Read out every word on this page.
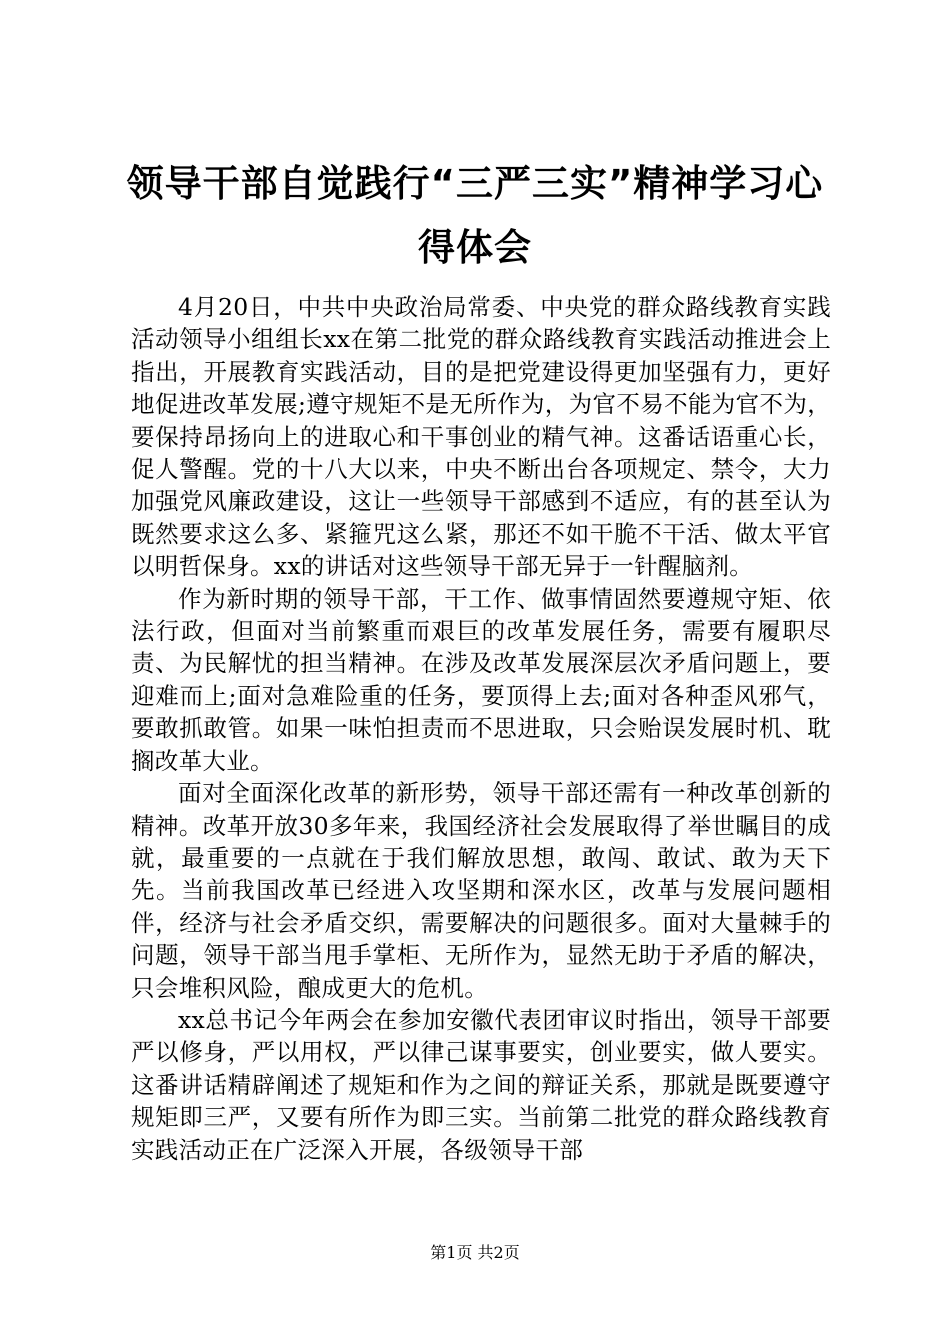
领导干部自觉践行“三严三实”精神学习心得体会

4月20日，中共中央政治局常委、中央党的群众路线教育实践活动领导小组组长xx在第二批党的群众路线教育实践活动推进会上指出，开展教育实践活动，目的是把党建设得更加坚强有力，更好地促进改革发展;遵守规矩不是无所作为，为官不易不能为官不为，要保持昂扬向上的进取心和干事创业的精气神。这番话语重心长，促人警醒。党的十八大以来，中央不断出台各项规定、禁令，大力加强党风廉政建设，这让一些领导干部感到不适应，有的甚至认为既然要求这么多、紧箍咒这么紧，那还不如干脆不干活、做太平官以明哲保身。xx的讲话对这些领导干部无异于一针醒脑剂。

作为新时期的领导干部，干工作、做事情固然要遵规守矩、依法行政，但面对当前繁重而艰巨的改革发展任务，需要有履职尽责、为民解忧的担当精神。在涉及改革发展深层次矛盾问题上，要迎难而上;面对急难险重的任务，要顶得上去;面对各种歪风邪气，要敢抓敢管。如果一味怕担责而不思进取，只会贻误发展时机、耽搁改革大业。

面对全面深化改革的新形势，领导干部还需有一种改革创新的精神。改革开放30多年来，我国经济社会发展取得了举世瞩目的成就，最重要的一点就在于我们解放思想，敢闯、敢试、敢为天下先。当前我国改革已经进入攻坚期和深水区，改革与发展问题相伴，经济与社会矛盾交织，需要解决的问题很多。面对大量棘手的问题，领导干部当甩手掌柜、无所作为，显然无助于矛盾的解决，只会堆积风险，酿成更大的危机。

xx总书记今年两会在参加安徽代表团审议时指出，领导干部要严以修身，严以用权，严以律己谋事要实，创业要实，做人要实。这番讲话精辟阐述了规矩和作为之间的辩证关系，那就是既要遵守规矩即三严，又要有所作为即三实。当前第二批党的群众路线教育实践活动正在广泛深入开展，各级领导干部

第1页 共2页
